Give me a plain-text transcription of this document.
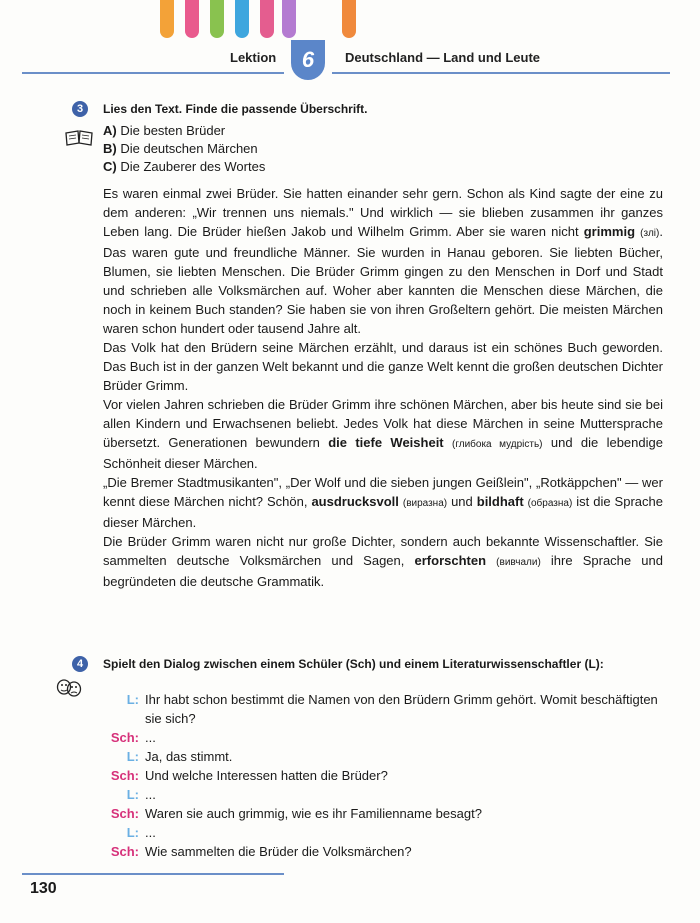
Lektion	6	Deutschland — Land und Leute
3	Lies den Text. Finde die passende Überschrift.
A) Die besten Brüder
B) Die deutschen Märchen
C) Die Zauberer des Wortes

Es waren einmal zwei Brüder. Sie hatten einander sehr gern. Schon als Kind sagte der eine zu dem anderen: „Wir trennen uns niemals." Und wirklich — sie blieben zusammen ihr ganzes Leben lang. Die Brüder hießen Jakob und Wilhelm Grimm. Aber sie waren nicht grimmig (злі). Das waren gute und freundliche Männer. Sie wurden in Hanau geboren. Sie liebten Bücher, Blumen, sie liebten Menschen. Die Brüder Grimm gingen zu den Menschen in Dorf und Stadt und schrieben alle Volksmärchen auf. Woher aber kannten die Menschen diese Märchen, die noch in keinem Buch standen? Sie haben sie von ihren Großeltern gehört. Die meisten Märchen waren schon hundert oder tausend Jahre alt.

Das Volk hat den Brüdern seine Märchen erzählt, und daraus ist ein schönes Buch geworden. Das Buch ist in der ganzen Welt bekannt und die ganze Welt kennt die großen deutschen Dichter Brüder Grimm.

Vor vielen Jahren schrieben die Brüder Grimm ihre schönen Märchen, aber bis heute sind sie bei allen Kindern und Erwachsenen beliebt. Jedes Volk hat diese Märchen in seine Muttersprache übersetzt. Generationen bewundern die tiefe Weisheit (глибока мудрість) und die lebendige Schönheit dieser Märchen.

„Die Bremer Stadtmusikanten", „Der Wolf und die sieben jungen Geißlein", „Rotkäppchen" — wer kennt diese Märchen nicht? Schön, ausdrucksvoll (виразна) und bildhaft (образна) ist die Sprache dieser Märchen.

Die Brüder Grimm waren nicht nur große Dichter, sondern auch bekannte Wissenschaftler. Sie sammelten deutsche Volksmärchen und Sagen, erforschten (вивчали) ihre Sprache und begründeten die deutsche Grammatik.

4	Spielt den Dialog zwischen einem Schüler (Sch) und einem Literaturwissenschaftler (L):
L: Ihr habt schon bestimmt die Namen von den Brüdern Grimm gehört. Womit beschäftigten sie sich?
Sch: ...
L: Ja, das stimmt.
Sch: Und welche Interessen hatten die Brüder?
L: ...
Sch: Waren sie auch grimmig, wie es ihr Familienname besagt?
L: ...
Sch: Wie sammelten die Brüder die Volksmärchen?
130
